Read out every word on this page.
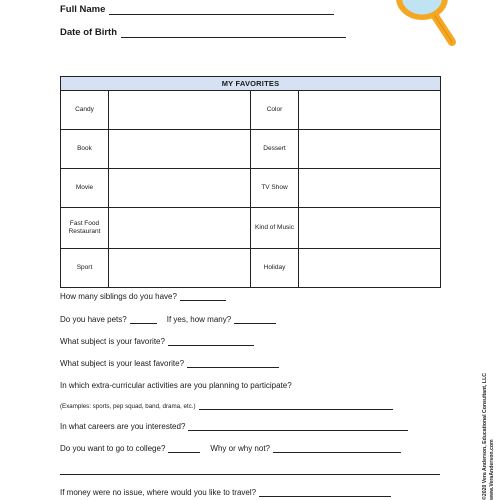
Full Name
Date of Birth
MY FAVORITES			
Candy		Color	
Book		Dessert	
Movie		TV Show	
Fast Food Restaurant		Kind of Music	
Sport		Holiday	
How many siblings do you have?
Do you have pets?	If yes, how many?
What subject is your favorite?
What subject is your least favorite?
In which extra-curricular activities are you planning to participate?
(Examples: sports, pep squad, band, drama, etc.)
In what careers are you interested?
Do you want to go to college?	Why or why not?
If money were no issue, where would you like to travel?	©2020 Vera Anderson, Educational Consultant, LLC www.VeraAnderson.com
